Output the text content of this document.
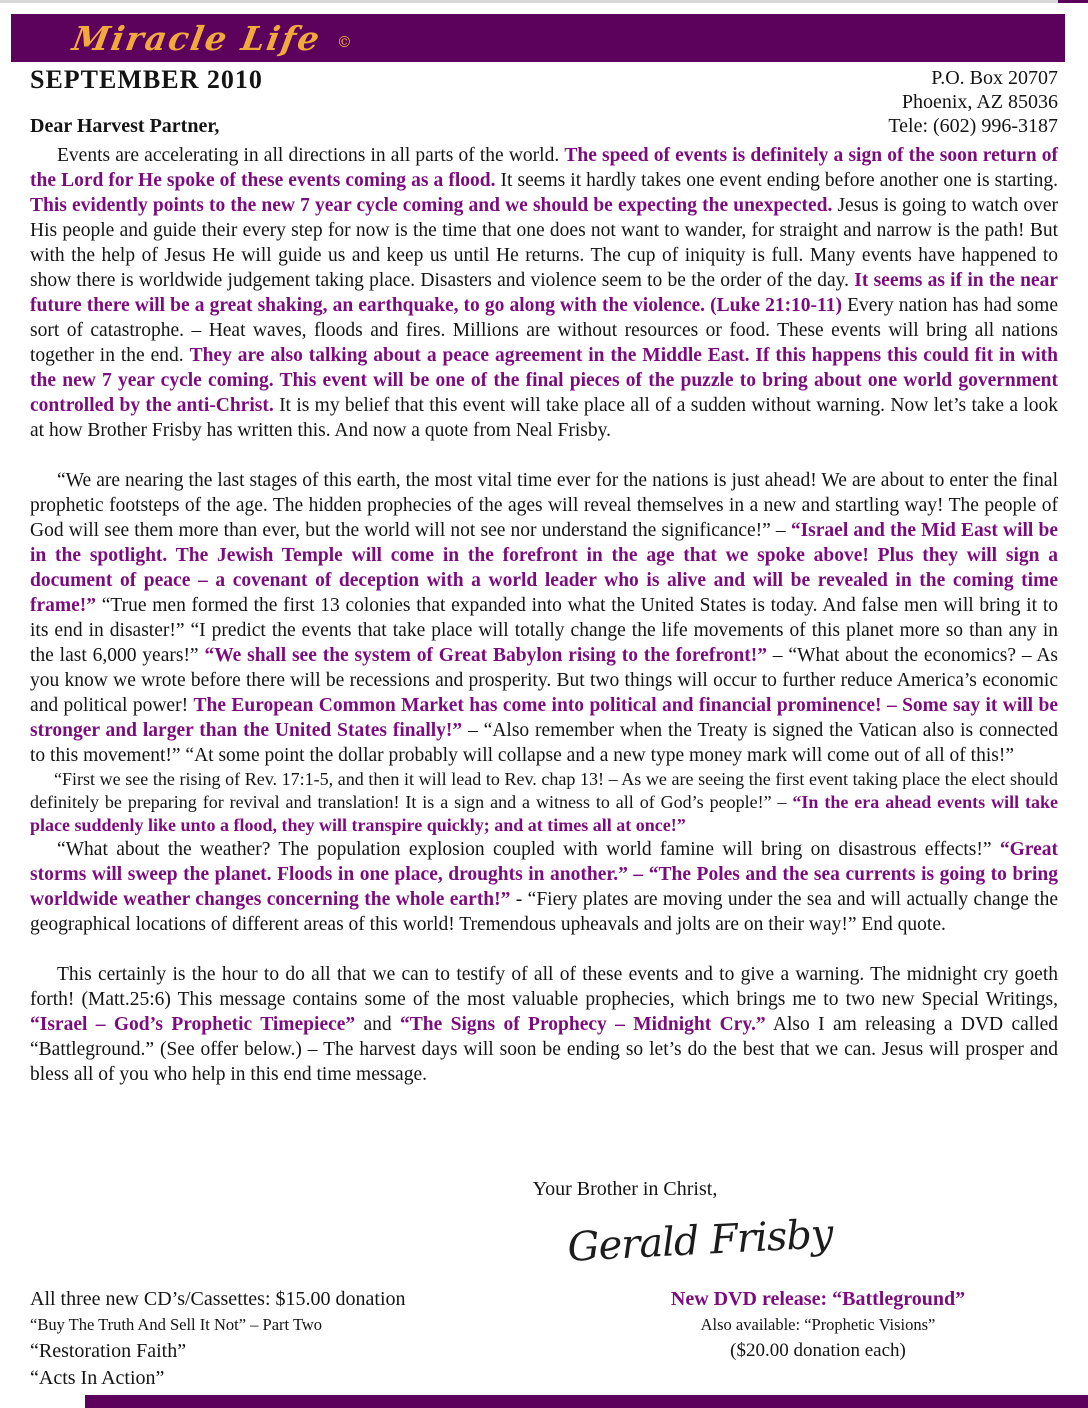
Miracle Life ©
SEPTEMBER 2010
Dear Harvest Partner,
P.O. Box 20707
Phoenix, AZ 85036
Tele: (602) 996-3187

Events are accelerating in all directions in all parts of the world. The speed of events is definitely a sign of the soon return of the Lord for He spoke of these events coming as a flood. It seems it hardly takes one event ending before another one is starting. This evidently points to the new 7 year cycle coming and we should be expecting the unexpected. Jesus is going to watch over His people and guide their every step for now is the time that one does not want to wander, for straight and narrow is the path! But with the help of Jesus He will guide us and keep us until He returns. The cup of iniquity is full. Many events have happened to show there is worldwide judgement taking place. Disasters and violence seem to be the order of the day. It seems as if in the near future there will be a great shaking, an earthquake, to go along with the violence. (Luke 21:10-11) Every nation has had some sort of catastrophe. – Heat waves, floods and fires. Millions are without resources or food. These events will bring all nations together in the end. They are also talking about a peace agreement in the Middle East. If this happens this could fit in with the new 7 year cycle coming. This event will be one of the final pieces of the puzzle to bring about one world government controlled by the anti-Christ. It is my belief that this event will take place all of a sudden without warning. Now let’s take a look at how Brother Frisby has written this. And now a quote from Neal Frisby.

“We are nearing the last stages of this earth, the most vital time ever for the nations is just ahead! We are about to enter the final prophetic footsteps of the age. The hidden prophecies of the ages will reveal themselves in a new and startling way! The people of God will see them more than ever, but the world will not see nor understand the significance!” – “Israel and the Mid East will be in the spotlight. The Jewish Temple will come in the forefront in the age that we spoke above! Plus they will sign a document of peace – a covenant of deception with a world leader who is alive and will be revealed in the coming time frame!” “True men formed the first 13 colonies that expanded into what the United States is today. And false men will bring it to its end in disaster!” “I predict the events that take place will totally change the life movements of this planet more so than any in the last 6,000 years!” “We shall see the system of Great Babylon rising to the forefront!” – “What about the economics? – As you know we wrote before there will be recessions and prosperity. But two things will occur to further reduce America’s economic and political power! The European Common Market has come into political and financial prominence! – Some say it will be stronger and larger than the United States finally!” – “Also remember when the Treaty is signed the Vatican also is connected to this movement!” “At some point the dollar probably will collapse and a new type money mark will come out of all of this!”

“First we see the rising of Rev. 17:1-5, and then it will lead to Rev. chap 13! – As we are seeing the first event taking place the elect should definitely be preparing for revival and translation! It is a sign and a witness to all of God’s people!” – “In the era ahead events will take place suddenly like unto a flood, they will transpire quickly; and at times all at once!”

“What about the weather? The population explosion coupled with world famine will bring on disastrous effects!” “Great storms will sweep the planet. Floods in one place, droughts in another.” – “The Poles and the sea currents is going to bring worldwide weather changes concerning the whole earth!” - “Fiery plates are moving under the sea and will actually change the geographical locations of different areas of this world! Tremendous upheavals and jolts are on their way!” End quote.

This certainly is the hour to do all that we can to testify of all of these events and to give a warning. The midnight cry goeth forth! (Matt.25:6) This message contains some of the most valuable prophecies, which brings me to two new Special Writings, “Israel – God’s Prophetic Timepiece” and “The Signs of Prophecy – Midnight Cry.” Also I am releasing a DVD called “Battleground.” (See offer below.) – The harvest days will soon be ending so let’s do the best that we can. Jesus will prosper and bless all of you who help in this end time message.

Your Brother in Christ,
Gerald Frisby
All three new CD’s/Cassettes: $15.00 donation
“Buy The Truth And Sell It Not” – Part Two
“Restoration Faith”
“Acts In Action”
New DVD release: “Battleground”
Also available: “Prophetic Visions”
($20.00 donation each)
